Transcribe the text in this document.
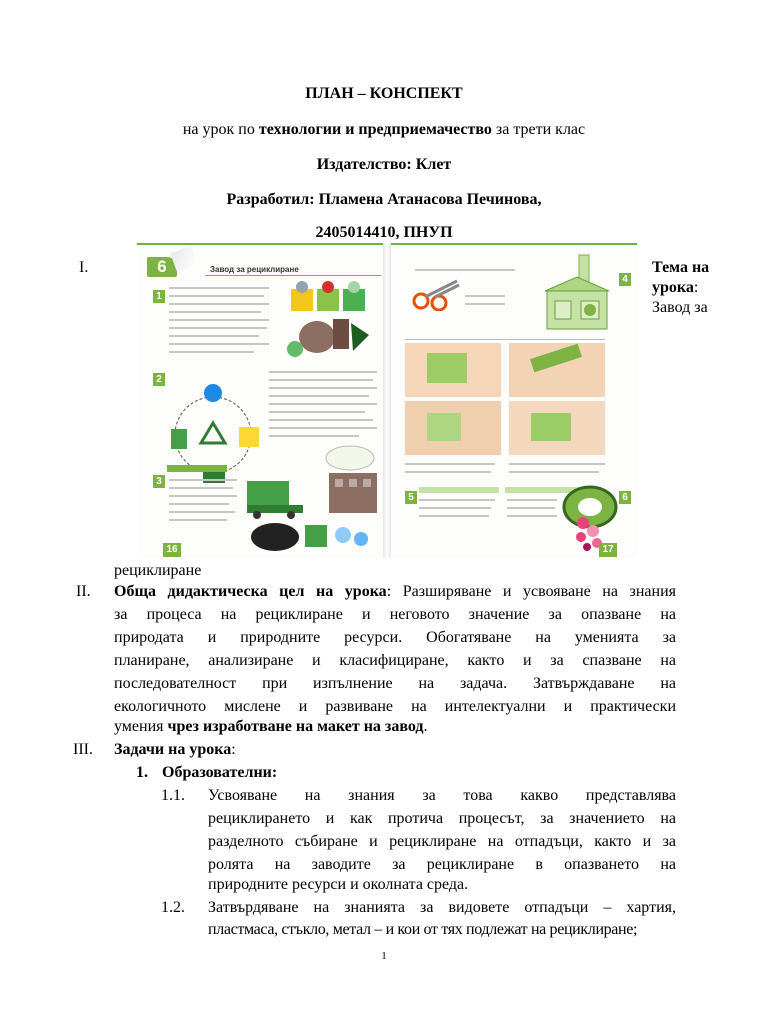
ПЛАН – КОНСПЕКТ
на урок по технологии и предприемачество за трети клас
Издателство: Клет
Разработил: Пламена Атанасова Печинова,
2405014410, ПНУП
I.	6	Завод за рециклиране
1
2
3
16
4
5	6
17
Тема на
урока:
Завод за
рециклиране
II. Обща дидактическа цел на урока: Разширяване и усвояване на знания
за процеса на рециклиране и неговото значение за опазване на
природата и природните ресурси. Обогатяване на уменията за
планиране, анализиране и класифициране, както и за спазване на
последователност при изпълнение на задача. Затвърждаване на
екологичното мислене и развиване на интелектуални и практически
умения чрез изработване на макет на завод.
III. Задачи на урока:
1. Образователни:
1.1. Усвояване на знания за това какво представлява
рециклирането и как протича процесът, за значението на
разделното събиране и рециклиране на отпадъци, както и за
ролята на заводите за рециклиране в опазването на
природните ресурси и околната среда.
1.2. Затвърдяване на знанията за видовете отпадъци – хартия,
пластмаса, стъкло, метал – и кои от тях подлежат на рециклиране;
1
